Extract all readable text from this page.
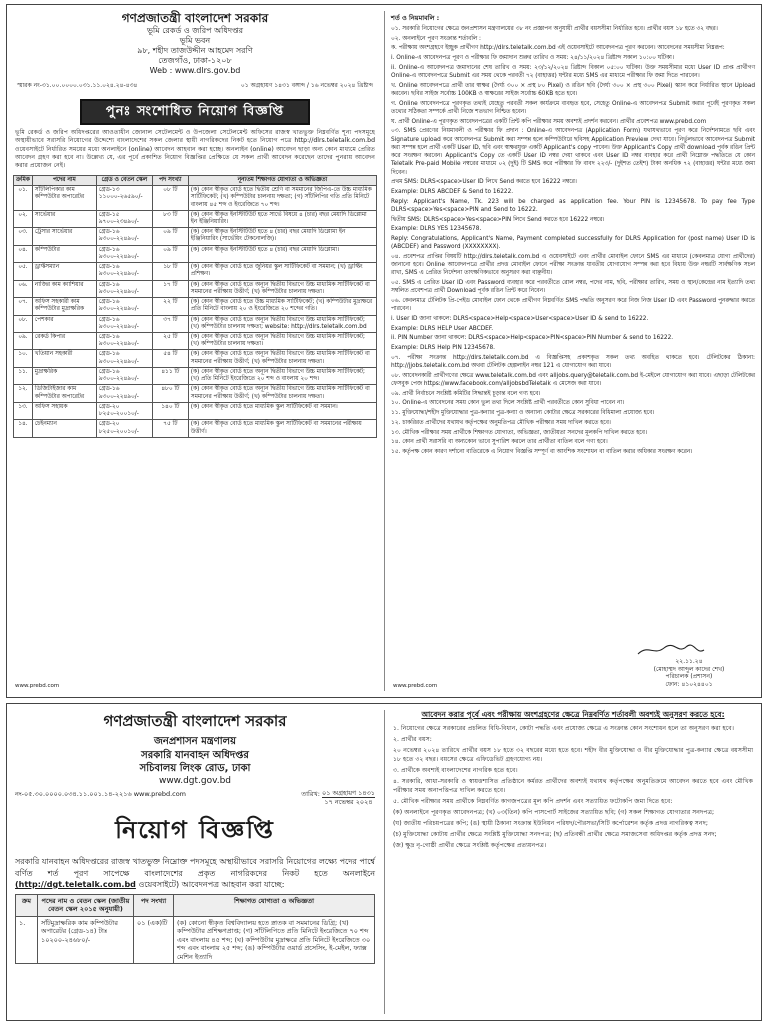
গণপ্রজাতন্ত্রী বাংলাদেশ সরকার
ভূমি রেকর্ড ও জরিপ অধিদপ্তর
ভূমি ভবন
৯৮, শহীদ তাজউদ্দীন আহমেদ সরণি
তেজগাঁও, ঢাকা-১২০৮
Web : www.dlrs.gov.bd
স্মারক নং-৩১.০০.০০০০.০৩১.১১.০২৪.২৪-৪৩৪	০১ অগ্রহায়ণ ১৪৩১ বঙ্গাব্দ / ১৬ নভেম্বর ২০২৪ খ্রিষ্টাব্দ
পুনঃ সংশোধিত নিয়োগ বিজ্ঞপ্তি
ভূমি রেকর্ড ও জরিপ অধিদপ্তরের আওতাধীন জোনাল সেটেলমেন্ট ও উপজেলা সেটেলমেন্ট অফিসের রাজস্ব খাতভুক্ত নিম্নবর্ণিত শূন্য পদসমূহে অস্থায়ীভাবে সরাসরি নিয়োগের উদ্দেশ্যে বাংলাদেশের সকল জেলার স্থায়ী নাগরিকদের নিকট হতে নিয়োগ পত্রে http://dlrs.teletalk.com.bd ওয়েবসাইটে নির্ধারিত সময়ের মধ্যে অনলাইনে (online) আবেদন আহবান করা হচ্ছে। অনলাইন (online) আবেদন ছাড়া অন্য কোন মাধ্যমে প্রেরিত আবেদন গ্রহণ করা হবে না। উল্লেখ্য যে, এর পূর্বে প্রকাশিত নিয়োগ বিজ্ঞপ্তির প্রেক্ষিতে যে সকল প্রার্থী আবেদন করেছেন তাদের পুনরায় আবেদন করার প্রয়োজন নেই।
ক্রমিক	পদের নাম	গ্রেড ও বেতন স্কেল	পদ সংখ্যা	নূন্যতম শিক্ষাগত যোগ্যতা ও অভিজ্ঞতা
০১.	সাঁটলিপিকার কাম কম্পিউটার অপারেটর	গ্রেড-১৩ ১১০০০-২৬৫৯০/-	০৮ টি	(ক) কোন স্বীকৃত বোর্ড হতে দ্বিতীয় শ্রেণি বা সমমানের জিপিএ-তে উচ্চ মাধ্যমিক সার্টিফিকেট; (খ) কম্পিউটার চালনায় দক্ষতা; (গ) সাঁটলিপির গতি প্রতি মিনিটে বাংলায় ৪৫ শব্দ ও ইংরেজিতে ৭০ শব্দ।
০২.	সার্ভেয়ার	গ্রেড-১৫ ৯৭০০-২৩৪৯০/-	৮৩ টি	(ক) কোন স্বীকৃত ইনস্টিটিউট হতে সার্ভে বিষয়ে ৪ (চার) বছর মেয়াদি ডিপ্লোমা ইন ইঞ্জিনিয়ারিং।
০৩.	ট্রেসার সার্ভেয়ার	গ্রেড-১৬ ৯৩০০-২২৪৯০/-	০৯ টি	(ক) কোন স্বীকৃত ইনস্টিটিউট হতে ৪ (চার) বছর মেয়াদি ডিপ্লোমা ইন ইঞ্জিনিয়ারিং (সার্ভেয়িং টেকনোলজি)।
০৪.	কম্পিউটার	গ্রেড-১৬ ৯৩০০-২২৪৯০/-	০৯ টি	(ক) কোন স্বীকৃত ইনস্টিটিউট হতে ৪ (চার) বছর মেয়াদি ডিপ্লোমা।
০৫.	ড্রাফ্টসম্যান	গ্রেড-১৬ ৯৩০০-২২৪৯০/-	১৮ টি	(ক) কোন স্বীকৃত বোর্ড হতে জুনিয়র স্কুল সার্টিফিকেট বা সমমান; (খ) ড্রাফ্টিং প্রশিক্ষণ।
০৬.	নাজির কাম ক্যাশিয়ার	গ্রেড-১৬ ৯৩০০-২২৪৯০/-	১৭ টি	(ক) কোন স্বীকৃত বোর্ড হতে অন্যূন দ্বিতীয় বিভাগে উচ্চ মাধ্যমিক সার্টিফিকেট বা সমমানের পরীক্ষায় উত্তীর্ণ; (খ) কম্পিউটার চালনায় দক্ষতা।
০৭.	অফিস সহকারী কাম কম্পিউটার মুদ্রাক্ষরিক	গ্রেড-১৬ ৯৩০০-২২৪৯০/-	২২ টি	(ক) কোন স্বীকৃত বোর্ড হতে উচ্চ মাধ্যমিক সার্টিফিকেট; (খ) কম্পিউটার মুদ্রাক্ষরে প্রতি মিনিটে বাংলায় ২০ ও ইংরেজিতে ২০ শব্দের গতি।
০৮.	পেশকার	গ্রেড-১৬ ৯৩০০-২২৪৯০/-	৩৭ টি	(ক) কোন স্বীকৃত বোর্ড হতে অন্যূন দ্বিতীয় বিভাগে উচ্চ মাধ্যমিক সার্টিফিকেট; (খ) কম্পিউটার চালনায় দক্ষতা; website: http://dlrs.teletalk.com.bd
০৯.	রেকর্ড কিপার	গ্রেড-১৬ ৯৩০০-২২৪৯০/-	২৫ টি	(ক) কোন স্বীকৃত বোর্ড হতে অন্যূন দ্বিতীয় বিভাগে উচ্চ মাধ্যমিক সার্টিফিকেট; (খ) কম্পিউটার চালনায় দক্ষতা।
১০.	খতিয়ান সহকারী	গ্রেড-১৬ ৯৩০০-২২৪৯০/-	৫৪ টি	(ক) কোন স্বীকৃত বোর্ড হতে অন্যূন দ্বিতীয় বিভাগে উচ্চ মাধ্যমিক সার্টিফিকেট বা সমমানের পরীক্ষায় উত্তীর্ণ; (খ) কম্পিউটার চালনায় দক্ষতা।
১১.	মুদ্রাক্ষরিক	গ্রেড-১৬ ৯৩০০-২২৪৯০/-	৪১১ টি	(ক) কোন স্বীকৃত বোর্ড হতে অন্যূন দ্বিতীয় বিভাগে উচ্চ মাধ্যমিক সার্টিফিকেট; (খ) প্রতি মিনিটে ইংরেজিতে ২০ শব্দ ও বাংলায় ২০ শব্দ।
১২.	ডিজিটাইজার কাম কম্পিউটার অপারেটর	গ্রেড-১৬ ৯৩০০-২২৪৯০/-	৪৮০ টি	(ক) কোন স্বীকৃত বোর্ড হতে অন্যূন দ্বিতীয় বিভাগে উচ্চ মাধ্যমিক সার্টিফিকেট বা সমমানের পরীক্ষায় উত্তীর্ণ; (খ) কম্পিউটার চালনায় দক্ষতা।
১৩.	অফিস সহায়ক	গ্রেড-২০ ৮২৫০-২০০১০/-	১৪০ টি	(ক) কোন স্বীকৃত বোর্ড হতে মাধ্যমিক স্কুল সার্টিফিকেট বা সমমান।
১৪.	চেইনম্যান	গ্রেড-২০ ৮২৫০-২০০১০/-	৭৫ টি	(ক) কোন স্বীকৃত বোর্ড হতে মাধ্যমিক স্কুল সার্টিফিকেট বা সমমানের পরীক্ষায় উত্তীর্ণ।
www.prebd.com
শর্ত ও নিয়মাবলি :

০১. সরকারি নিয়োগের ক্ষেত্রে জনপ্রশাসন মন্ত্রণালয়ের ৩৮ নং প্রজ্ঞাপন অনুযায়ী প্রার্থীর বয়সসীমা নির্ধারিত হবে। প্রার্থীর বয়স ১৮ হতে ৩২ বছর।

০২. অনলাইনে পূরণ সংক্রান্ত শর্তাবলি :

ক. পরীক্ষায় অংশগ্রহণে ইচ্ছুক প্রার্থীগণ http://dlrs.teletalk.com.bd এই ওয়েবসাইটে আবেদনপত্র পূরণ করবেন। আবেদনের সময়সীমা নিম্নরূপ:

i. Online-এ আবেদনপত্র পূরণ ও পরীক্ষার ফি জমাদান শুরুর তারিখ ও সময়: ২৪/১১/২০২৪ খ্রিষ্টাব্দ সকাল ১০:০০ ঘটিকা।

ii. Online-এ আবেদনপত্র জমাদানের শেষ তারিখ ও সময়: ২৩/১২/২০২৪ খ্রিষ্টাব্দ বিকাল ০৫:০০ ঘটিকা। উক্ত সময়সীমার মধ্যে User ID প্রাপ্ত প্রার্থীগণ Online-এ আবেদনপত্রে Submit এর সময় থেকে পরবর্তী ৭২ (বাহাত্তর) ঘন্টার মধ্যে SMS এর মাধ্যমে পরীক্ষার ফি জমা দিতে পারবেন।

খ. Online আবেদনপত্রে প্রার্থী তার স্বাক্ষর (দৈর্ঘ্য ৩০০ × প্রস্থ ৮০ Pixel) ও রঙিন ছবি (দৈর্ঘ্য ৩০০ × প্রস্থ ৩০০ Pixel) স্ক্যান করে নির্ধারিত স্থানে Upload করবেন। ছবির সাইজ সর্বোচ্চ 100KB ও স্বাক্ষরের সাইজ সর্বোচ্চ 60KB হতে হবে।

গ. Online আবেদনপত্রে পূরণকৃত তথ্যই যেহেতু পরবর্তী সকল কার্যক্রমে ব্যবহৃত হবে, সেহেতু Online-এ আবেদনপত্র Submit করার পূর্বেই পূরণকৃত সকল তথ্যের সঠিকতা সম্পর্কে প্রার্থী নিজে শতভাগ নিশ্চিত হবেন।

ঘ. প্রার্থী Online-এ পূরণকৃত আবেদনপত্রের একটি প্রিন্ট কপি পরীক্ষার সময় অবশ্যই প্রদর্শন করবেন। প্রার্থীর প্রবেশপত্র www.prebd.com

০৩. SMS প্রেরণের নিয়মাবলী ও পরীক্ষার ফি প্রদান : Online-এ আবেদনপত্র (Application Form) যথাযথভাবে পূরণ করে নির্দেশনামতে ছবি এবং Signature upload করে আবেদনপত্র Submit করা সম্পন্ন হলে কম্পিউটারে ছবিসহ Application Preview দেখা যাবে। নির্ভুলভাবে আবেদনপত্র Submit করা সম্পন্ন হলে প্রার্থী একটি User ID, ছবি এবং স্বাক্ষরযুক্ত একটি Applicant's copy পাবেন। উক্ত Applicant's Copy প্রার্থী download পূর্বক রঙিন প্রিন্ট করে সংরক্ষণ করবেন। Applicant's Copy তে একটি User ID নম্বর দেয়া থাকবে এবং User ID নম্বর ব্যবহার করে প্রার্থী নিম্নোক্ত পদ্ধতিতে যে কোন Teletalk Pre-paid Mobile নম্বরের মাধ্যমে ০২ (দুই) টি SMS করে পরীক্ষার ফি বাবদ ২২৩/- (দুইশত তেইশ) টাকা অনধিক ৭২ (বাহাত্তর) ঘন্টার মধ্যে জমা দিবেন।

প্রথম SMS: DLRS<space>User ID লিখে Send করতে হবে 16222 নম্বরে।

Example: DLRS ABCDEF & Send to 16222.

Reply: Applicant's Name, Tk. 223 will be charged as application fee. Your PIN is 12345678. To pay fee Type DLRS<space>Yes<space>PIN and Send to 16222.

দ্বিতীয় SMS: DLRS<space>Yes<space>PIN লিখে Send করতে হবে 16222 নম্বরে।

Example: DLRS YES 12345678.

Reply: Congratulations, Applicant's Name, Payment completed successfully for DLRS Application for (post name) User ID is (ABCDEF) and Password (XXXXXXXX).

০৪. প্রবেশপত্র প্রাপ্তির বিষয়টি http://dlrs.teletalk.com.bd এ ওয়েবসাইটে এবং প্রার্থীর মোবাইল ফোনে SMS এর মাধ্যমে (কেবলমাত্র যোগ্য প্রার্থীদের) জানানো হবে। Online আবেদনপত্রে প্রার্থীর প্রদত্ত মোবাইল ফোনে পরীক্ষা সংক্রান্ত যাবতীয় যোগাযোগ সম্পন্ন করা হবে বিধায় উক্ত নম্বরটি সার্বক্ষণিক সচল রাখা, SMS এ প্রেরিত নির্দেশনা তাৎক্ষণিকভাবে অনুসরণ করা বাঞ্ছনীয়।

০৫. SMS এ প্রেরিত User ID এবং Password ব্যবহার করে পরবর্তীতে রোল নম্বর, পদের নাম, ছবি, পরীক্ষার তারিখ, সময় ও স্থান/কেন্দ্রের নাম ইত্যাদি তথ্য সম্বলিত প্রবেশপত্র প্রার্থী Download পূর্বক রঙিন প্রিন্ট করে নিবেন।

০৬. কেবলমাত্র টেলিটক প্রি-পেইড মোবাইল ফোন থেকে প্রার্থীগণ নিম্নবর্ণিত SMS পদ্ধতি অনুসরণ করে নিজ নিজ User ID এবং Password পুনরুদ্ধার করতে পারবেন।

i. User ID জানা থাকলে: DLRS<space>Help<space>User<space>User ID & send to 16222.

Example: DLRS HELP User ABCDEF.

ii. PIN Number জানা থাকলে: DLRS<space>Help<space>PIN<space>PIN Number & send to 16222.

Example: DLRS Help PIN 12345678.

০৭. পরীক্ষা সংক্রান্ত http://dlrs.teletalk.com.bd এ বিজ্ঞপ্তিসহ প্রকাশকৃত সকল তথ্য অবহিত থাকতে হবে। টেলিটকের ঠিকানা: http://jjobs.teletalk.com.bd অথবা টেলিটক হেল্পলাইন নম্বর 121 এ যোগাযোগ করা যাবে।

০৮. আবেদনকারী প্রার্থীগণের ক্ষেত্রে www.teletalk.com.bd এবং alljobs.query@teletalk.com.bd ই-মেইলে যোগাযোগ করা যাবে। এছাড়া টেলিটকের ফেসবুক পেজ https://www.facebook.com/alljobsbdTeletalk এ মেসেজ করা যাবে।

০৯. প্রার্থী নির্বাচনে সংশ্লিষ্ট কমিটির সিদ্ধান্তই চূড়ান্ত বলে গণ্য হবে।

১০. Online-এ আবেদনের সময় কোন ভুল তথ্য দিলে সংশ্লিষ্ট প্রার্থী পরবর্তীতে কোন সুবিধা পাবেন না।

১১. মুক্তিযোদ্ধা/শহীদ মুক্তিযোদ্ধার পুত্র-কন্যার পুত্র-কন্যা ও অন্যান্য কোটার ক্ষেত্রে সরকারের বিধিমালা প্রযোজ্য হবে।

১২. চাকরিরত প্রার্থীদের যথাযথ কর্তৃপক্ষের অনুমতিপত্র মৌখিক পরীক্ষার সময় দাখিল করতে হবে।

১৩. মৌখিক পরীক্ষার সময় প্রার্থীকে শিক্ষাগত যোগ্যতা, অভিজ্ঞতা, জাতীয়তা সনদের মূলকপি দাখিল করতে হবে।

১৪. কোন প্রার্থী সরাসরি বা অন্যকোন ভাবে সুপারিশ করলে তার প্রার্থীতা বাতিল বলে গণ্য হবে।

১৫. কর্তৃপক্ষ কোন কারণ দর্শানো ব্যতিরেকে এ নিয়োগ বিজ্ঞপ্তি সম্পূর্ণ বা আংশিক সংশোধন বা বাতিল করার অধিকার সংরক্ষণ করেন।

২২.১১.২৪
(মোহাম্মদ আব্দুল কাদের শেখ)
পরিচালক (প্রশাসন)
ফোন: ৪১০২৪৪০১
www.prebd.com
গণপ্রজাতন্ত্রী বাংলাদেশ সরকার
জনপ্রশাসন মন্ত্রণালয়
সরকারি যানবাহন অধিদপ্তর
সচিবালয় লিংক রোড, ঢাকা
www.dgt.gov.bd
নং-০৫.৩০.০০০০.০৩৪.১১.০০১.১৪-২২১৬ www.prebd.com	তারিখ: ০১ অগ্রহায়ণ ১৪৩১
১৭ নভেম্বর ২০২৪
নিয়োগ বিজ্ঞপ্তি
সরকারি যানবাহন অধিদপ্তরের রাজস্ব খাতভুক্ত নিম্নোক্ত পদসমূহে অস্থায়ীভাবে সরাসরি নিয়োগের লক্ষ্যে পদের পার্শ্বে বর্ণিত শর্ত পূরণ সাপেক্ষে বাংলাদেশের প্রকৃত নাগরিকদের নিকট হতে অনলাইনে (http://dgt.teletalk.com.bd ওয়েবসাইটে) আবেদনপত্র আহবান করা যাচ্ছে:
ক্রম	পদের নাম ও বেতন স্কেল (জাতীয় বেতন স্কেল ২০১৫ অনুযায়ী)	পদ সংখ্যা	শিক্ষাগত যোগ্যতা ও অভিজ্ঞতা
১.	সাঁটমুদ্রাক্ষরিক কাম কম্পিউটার অপারেটর (গ্রেড-১৪) টাঃ ১০২০০-২৪৬৮০/-	০১ (এক)টি	(ক) কোনো স্বীকৃত বিশ্ববিদ্যালয় হতে স্নাতক বা সমমানের ডিগ্রি; (খ) কম্পিউটার প্রশিক্ষণপ্রাপ্ত; (গ) সাঁটলিপিতে প্রতি মিনিটে ইংরেজিতে ৭০ শব্দ এবং বাংলায় ৪৫ শব্দ; (ঘ) কম্পিউটার মুদ্রাক্ষরে প্রতি মিনিটে ইংরেজিতে ৩০ শব্দ এবং বাংলায় ২৫ শব্দ; (ঙ) কম্পিউটার ওয়ার্ড প্রসেসিং, ই-মেইল, ফ্যাক্স মেশিন ইত্যাদি
আবেদন করার পূর্বে এবং পরীক্ষায় অংশগ্রহণের ক্ষেত্রে নিম্নবর্ণিত শর্তাবলী অবশ্যই অনুসরণ করতে হবে:

১. নিয়োগের ক্ষেত্রে সরকারের প্রচলিত বিধি-বিধান, কোটা পদ্ধতি এবং প্রযোজ্য ক্ষেত্রে এ সংক্রান্ত কোন সংশোধন হলে তা অনুসরণ করা হবে।

২. প্রার্থীর বয়স:

২০ নভেম্বর ২০২৪ তারিখে প্রার্থীর বয়স ১৮ হতে ৩২ বছরের মধ্যে হতে হবে। শহীদ বীর মুক্তিযোদ্ধা ও বীর মুক্তিযোদ্ধার পুত্র-কন্যার ক্ষেত্রে বয়সসীমা ১৮ হতে ৩২ বছর। বয়সের ক্ষেত্রে এফিডেভিট গ্রহণযোগ্য নয়।

৩. প্রার্থীকে অবশ্যই বাংলাদেশের নাগরিক হতে হবে।

৪. সরকারি, আধা-সরকারি ও স্বায়ত্তশাসিত প্রতিষ্ঠানে কর্মরত প্রার্থীদের অবশ্যই যথাযথ কর্তৃপক্ষের অনুমতিক্রমে আবেদন করতে হবে এবং মৌখিক পরীক্ষার সময় অনাপত্তিপত্র দাখিল করতে হবে।

৫. মৌখিক পরীক্ষার সময় প্রার্থীকে নিম্নবর্ণিত কাগজপত্রের মূল কপি প্রদর্শন এবং সত্যায়িত ফটোকপি জমা দিতে হবে:

(ক) অনলাইনে পূরণকৃত আবেদনপত্র; (খ) ০৩(তিন) কপি পাসপোর্ট সাইজের সত্যায়িত ছবি; (গ) সকল শিক্ষাগত যোগ্যতার সনদপত্র;

(ঘ) জাতীয় পরিচয়পত্রের কপি; (ঙ) স্থায়ী ঠিকানা সংক্রান্ত ইউনিয়ন পরিষদ/পৌরসভা/সিটি কর্পোরেশন কর্তৃক প্রদত্ত নাগরিকত্ব সনদ;

(চ) মুক্তিযোদ্ধা কোটায় প্রার্থীর ক্ষেত্রে সংশ্লিষ্ট মুক্তিযোদ্ধা সনদপত্র; (ছ) প্রতিবন্ধী প্রার্থীর ক্ষেত্রে সমাজসেবা অধিদপ্তর কর্তৃক প্রদত্ত সনদ;

(জ) ক্ষুদ্র নৃ-গোষ্ঠী প্রার্থীর ক্ষেত্রে সংশ্লিষ্ট কর্তৃপক্ষের প্রত্যয়নপত্র।
